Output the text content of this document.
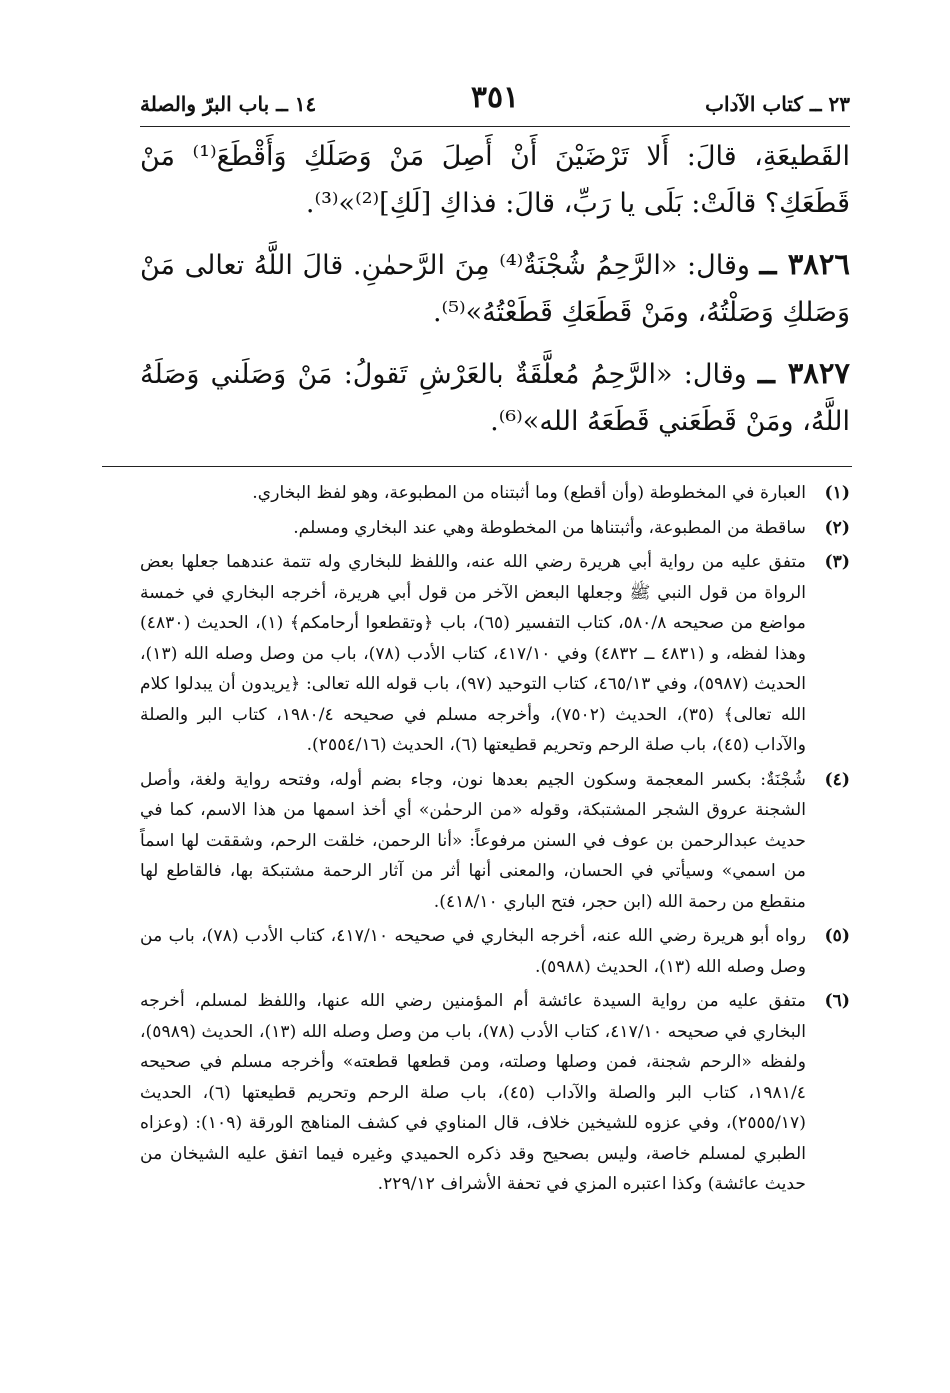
٢٣ ــ كتاب الآداب
٣٥١
١٤ ــ باب البرّ والصلة

القَطيعَةِ، قالَ: أَلا تَرْضَيْنَ أَنْ أَصِلَ مَنْ وَصَلَكِ وَأَقْطَعَ⁽¹⁾ مَنْ قَطَعَكِ؟ قالَتْ: بَلَى يا رَبِّ، قالَ: فذاكِ [لَكِ]⁽²⁾»⁽³⁾.

٣٨٢٦ ــ وقال: «الرَّحِمُ شُجْنَةٌ⁽⁴⁾ مِنَ الرَّحمٰنِ. قالَ اللَّهُ تعالى مَنْ وَصَلكِ وَصَلْتُهُ، ومَنْ قَطَعَكِ قَطَعْتُهُ»⁽⁵⁾.

٣٨٢٧ ــ وقال: «الرَّحِمُ مُعلَّقَةٌ بالعَرْشِ تَقولُ: مَنْ وَصَلَني وَصَلَهُ اللَّهُ، ومَنْ قَطَعَني قَطَعَهُ الله»⁽⁶⁾.

(١)
العبارة في المخطوطة (وأن أقطع) وما أثبتناه من المطبوعة، وهو لفظ البخاري.
(٢)
ساقطة من المطبوعة، وأثبتناها من المخطوطة وهي عند البخاري ومسلم.
(٣)
متفق عليه من رواية أبي هريرة رضي الله عنه، واللفظ للبخاري وله تتمة عندهما جعلها بعض الرواة من قول النبي ﷺ وجعلها البعض الآخر من قول أبي هريرة، أخرجه البخاري في خمسة مواضع من صحيحه ٥٨٠/٨، كتاب التفسير (٦٥)، باب ﴿وتقطعوا أرحامكم﴾ (١)، الحديث (٤٨٣٠) وهذا لفظه، و (٤٨٣١ ــ ٤٨٣٢) وفي ٤١٧/١٠، كتاب الأدب (٧٨)، باب من وصل وصله الله (١٣)، الحديث (٥٩٨٧)، وفي ٤٦٥/١٣، كتاب التوحيد (٩٧)، باب قوله الله تعالى: ﴿يريدون أن يبدلوا كلام الله تعالى﴾ (٣٥)، الحديث (٧٥٠٢)، وأخرجه مسلم في صحيحه ١٩٨٠/٤، كتاب البر والصلة والآداب (٤٥)، باب صلة الرحم وتحريم قطيعتها (٦)، الحديث (٢٥٥٤/١٦).
(٤)
شُجْنَةٌ: بكسر المعجمة وسكون الجيم بعدها نون، وجاء بضم أوله، وفتحه رواية ولغة، وأصل الشجنة عروق الشجر المشتبكة، وقوله «من الرحمٰن» أي أخذ اسمها من هذا الاسم، كما في حديث عبدالرحمن بن عوف في السنن مرفوعاً: «أنا الرحمن، خلقت الرحم، وشققت لها اسماً من اسمي» وسيأتي في الحسان، والمعنى أنها أثر من آثار الرحمة مشتبكة بها، فالقاطع لها منقطع من رحمة الله (ابن حجر، فتح الباري ٤١٨/١٠).
(٥)
رواه أبو هريرة رضي الله عنه، أخرجه البخاري في صحيحه ٤١٧/١٠، كتاب الأدب (٧٨)، باب من وصل وصله الله (١٣)، الحديث (٥٩٨٨).
(٦)
متفق عليه من رواية السيدة عائشة أم المؤمنين رضي الله عنها، واللفظ لمسلم، أخرجه البخاري في صحيحه ٤١٧/١٠، كتاب الأدب (٧٨)، باب من وصل وصله الله (١٣)، الحديث (٥٩٨٩)، ولفظه «الرحم شجنة، فمن وصلها وصلته، ومن قطعها قطعته» وأخرجه مسلم في صحيحه ١٩٨١/٤، كتاب البر والصلة والآداب (٤٥)، باب صلة الرحم وتحريم قطيعتها (٦)، الحديث (٢٥٥٥/١٧)، وفي عزوه للشيخين خلاف، قال المناوي في كشف المناهج الورقة (١٠٩): (وعزاه الطبري لمسلم خاصة، وليس بصحيح وقد ذكره الحميدي وغيره فيما اتفق عليه الشيخان من حديث عائشة) وكذا اعتبره المزي في تحفة الأشراف ٢٢٩/١٢.
